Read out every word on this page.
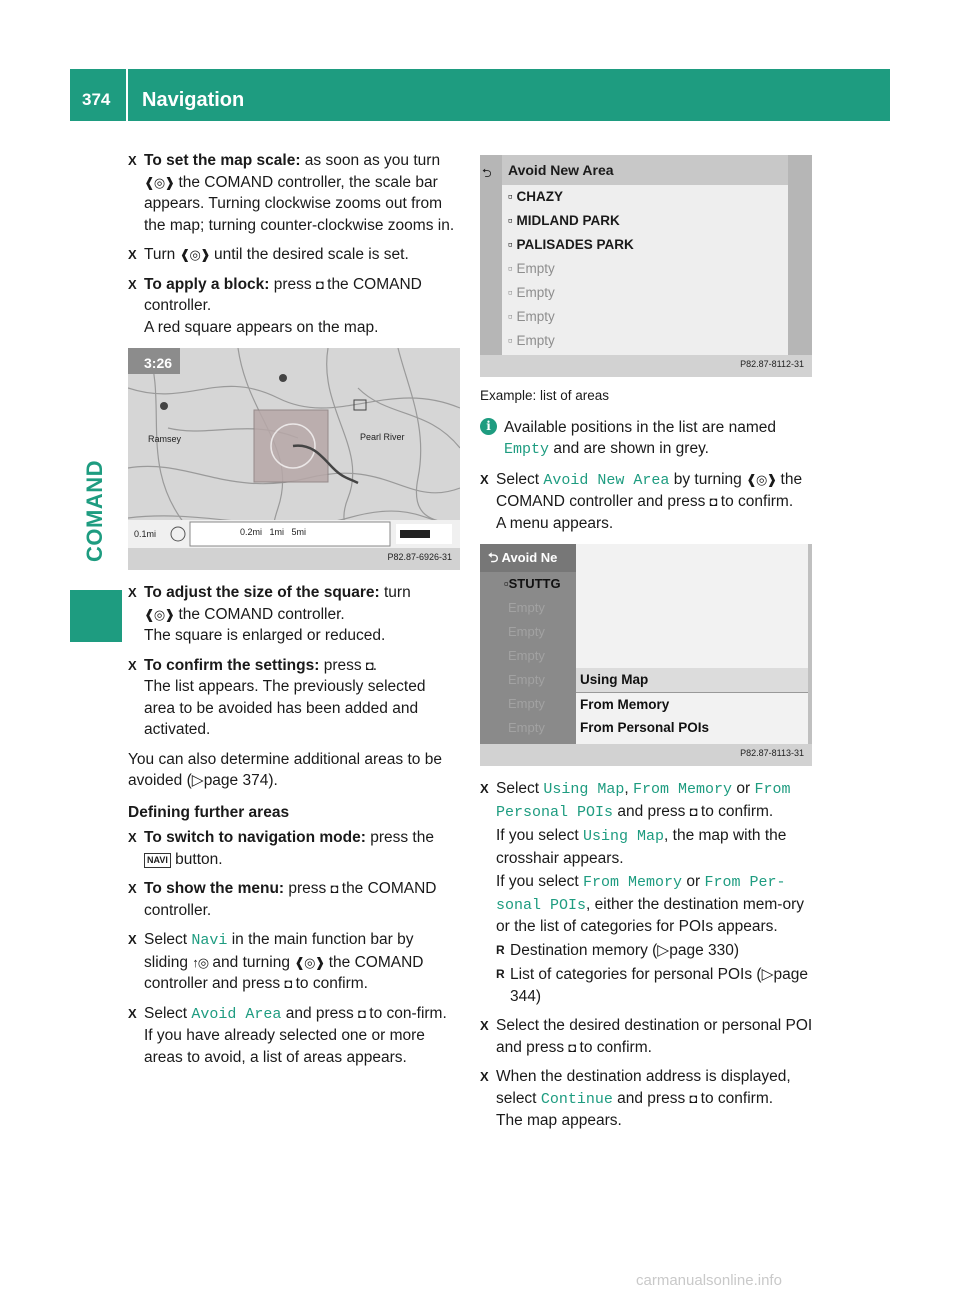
374	Navigation
COMAND
X To set the map scale: as soon as you turn
❰◎❱ the COMAND controller, the scale bar appears. Turning clockwise zooms out from the map; turning counter-clockwise zooms in.
X Turn ❰◎❱ until the desired scale is set.
X To apply a block: press ◘ the COMAND controller.
A red square appears on the map.
3:26
Ramsey	Pearl River
0.1mi	0.2mi   1mi   5mi
P82.87-6926-31
X To adjust the size of the square: turn
❰◎❱ the COMAND controller.
The square is enlarged or reduced.
X To confirm the settings: press ◘.
The list appears. The previously selected area to be avoided has been added and activated.
You can also determine additional areas to be avoided (▷page 374).
Defining further areas
X To switch to navigation mode: press the
NAVI button.
X To show the menu: press ◘ the COMAND controller.
X Select Navi in the main function bar by sliding ↑◎ and turning ❰◎❱ the COMAND controller and press ◘ to confirm.
X Select Avoid Area and press ◘ to con-firm.
If you have already selected one or more areas to avoid, a list of areas appears.
⮌	Avoid New Area
▫ CHAZY
▫ MIDLAND PARK
▫ PALISADES PARK
▫ Empty
▫ Empty
▫ Empty
▫ Empty
P82.87-8112-31
Example: list of areas
i Available positions in the list are named Empty and are shown in grey.
X Select Avoid New Area by turning ❰◎❱ the COMAND controller and press ◘ to confirm.
A menu appears.
⮌ Avoid Ne
▫STUTTG
Empty
Empty
Empty
Empty
Empty
Empty
Using Map
From Memory
From Personal POIs
P82.87-8113-31
X Select Using Map, From Memory or From Personal POIs and press ◘ to confirm.
If you select Using Map, the map with the crosshair appears.
If you select From Memory or From Per-sonal POIs, either the destination mem-ory or the list of categories for POIs appears.
R Destination memory (▷page 330)
R List of categories for personal POIs (▷page 344)
X Select the desired destination or personal POI and press ◘ to confirm.
X When the destination address is displayed, select Continue and press ◘ to confirm.
The map appears.
carmanualsonline.info
